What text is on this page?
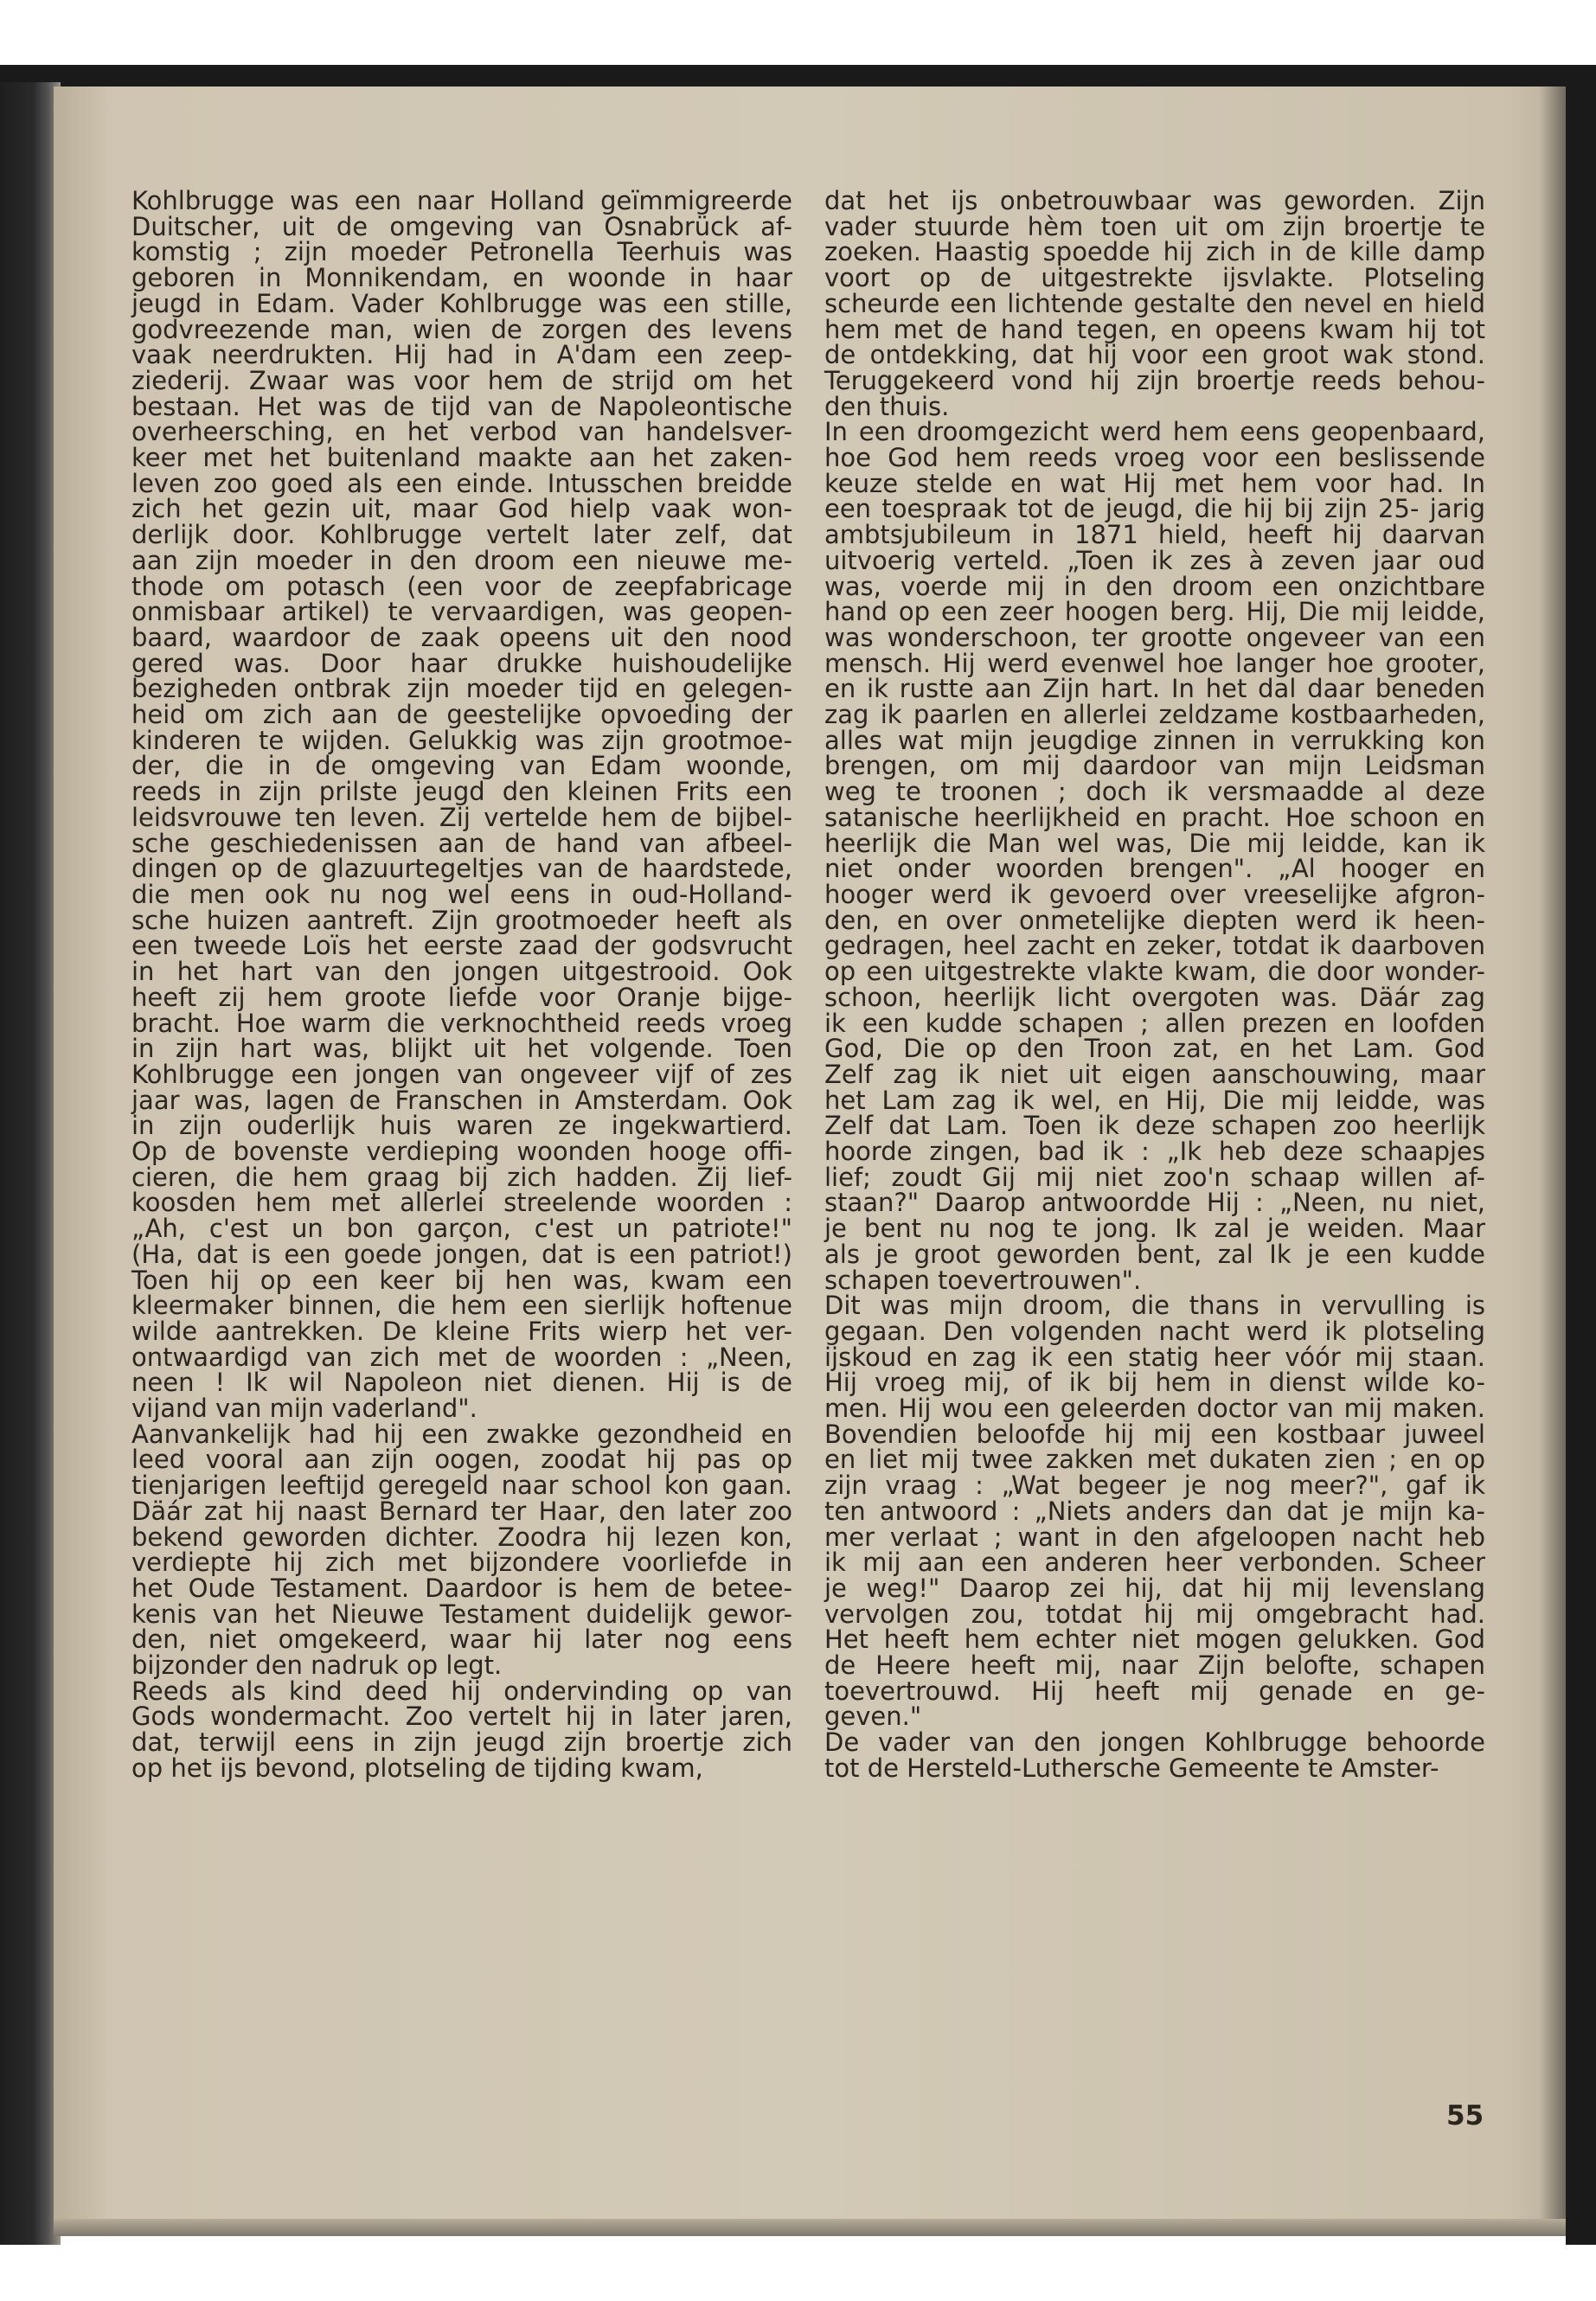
Kohlbrugge was een naar Holland geïmmigreerde
Duitscher, uit de omgeving van Osnabrück af-
komstig ; zijn moeder Petronella Teerhuis was
geboren in Monnikendam, en woonde in haar
jeugd in Edam. Vader Kohlbrugge was een stille,
godvreezende man, wien de zorgen des levens
vaak neerdrukten. Hij had in A'dam een zeep-
ziederij. Zwaar was voor hem de strijd om het
bestaan. Het was de tijd van de Napoleontische
overheersching, en het verbod van handelsver-
keer met het buitenland maakte aan het zaken-
leven zoo goed als een einde. Intusschen breidde
zich het gezin uit, maar God hielp vaak won-
derlijk door. Kohlbrugge vertelt later zelf, dat
aan zijn moeder in den droom een nieuwe me-
thode om potasch (een voor de zeepfabricage
onmisbaar artikel) te vervaardigen, was geopen-
baard, waardoor de zaak opeens uit den nood
gered was. Door haar drukke huishoudelijke
bezigheden ontbrak zijn moeder tijd en gelegen-
heid om zich aan de geestelijke opvoeding der
kinderen te wijden. Gelukkig was zijn grootmoe-
der, die in de omgeving van Edam woonde,
reeds in zijn prilste jeugd den kleinen Frits een
leidsvrouwe ten leven. Zij vertelde hem de bijbel-
sche geschiedenissen aan de hand van afbeel-
dingen op de glazuurtegeltjes van de haardstede,
die men ook nu nog wel eens in oud-Holland-
sche huizen aantreft. Zijn grootmoeder heeft als
een tweede Loïs het eerste zaad der godsvrucht
in het hart van den jongen uitgestrooid. Ook
heeft zij hem groote liefde voor Oranje bijge-
bracht. Hoe warm die verknochtheid reeds vroeg
in zijn hart was, blijkt uit het volgende. Toen
Kohlbrugge een jongen van ongeveer vijf of zes
jaar was, lagen de Franschen in Amsterdam. Ook
in zijn ouderlijk huis waren ze ingekwartierd.
Op de bovenste verdieping woonden hooge offi-
cieren, die hem graag bij zich hadden. Zij lief-
koosden hem met allerlei streelende woorden :
„Ah, c'est un bon garçon, c'est un patriote!"
(Ha, dat is een goede jongen, dat is een patriot!)
Toen hij op een keer bij hen was, kwam een
kleermaker binnen, die hem een sierlijk hoftenue
wilde aantrekken. De kleine Frits wierp het ver-
ontwaardigd van zich met de woorden : „Neen,
neen ! Ik wil Napoleon niet dienen. Hij is de
vijand van mijn vaderland".
Aanvankelijk had hij een zwakke gezondheid en
leed vooral aan zijn oogen, zoodat hij pas op
tienjarigen leeftijd geregeld naar school kon gaan.
Däár zat hij naast Bernard ter Haar, den later zoo
bekend geworden dichter. Zoodra hij lezen kon,
verdiepte hij zich met bijzondere voorliefde in
het Oude Testament. Daardoor is hem de beteе-
kenis van het Nieuwe Testament duidelijk gewor-
den, niet omgekeerd, waar hij later nog eens
bijzonder den nadruk op legt.
Reeds als kind deed hij ondervinding op van
Gods wondermacht. Zoo vertelt hij in later jaren,
dat, terwijl eens in zijn jeugd zijn broertje zich
op het ijs bevond, plotseling de tijding kwam,
dat het ijs onbetrouwbaar was geworden. Zijn
vader stuurde hèm toen uit om zijn broertje te
zoeken. Haastig spoedde hij zich in de kille damp
voort op de uitgestrekte ijsvlakte. Plotseling
scheurde een lichtende gestalte den nevel en hield
hem met de hand tegen, en opeens kwam hij tot
de ontdekking, dat hij voor een groot wak stond.
Teruggekeerd vond hij zijn broertje reeds behou-
den thuis.
In een droomgezicht werd hem eens geopenbaard,
hoe God hem reeds vroeg voor een beslissende
keuze stelde en wat Hij met hem voor had. In
een toespraak tot de jeugd, die hij bij zijn 25- jarig
ambtsjubileum in 1871 hield, heeft hij daarvan
uitvoerig verteld. „Toen ik zes à zeven jaar oud
was, voerde mij in den droom een onzichtbare
hand op een zeer hoogen berg. Hij, Die mij leidde,
was wonderschoon, ter grootte ongeveer van een
mensch. Hij werd evenwel hoe langer hoe grooter,
en ik rustte aan Zijn hart. In het dal daar beneden
zag ik paarlen en allerlei zeldzame kostbaarheden,
alles wat mijn jeugdige zinnen in verrukking kon
brengen, om mij daardoor van mijn Leidsman
weg te troonen ; doch ik versmaadde al deze
satanische heerlijkheid en pracht. Hoe schoon en
heerlijk die Man wel was, Die mij leidde, kan ik
niet onder woorden brengen". „Al hooger en
hooger werd ik gevoerd over vreeselijke afgron-
den, en over onmetelijke diepten werd ik heen-
gedragen, heel zacht en zeker, totdat ik daarboven
op een uitgestrekte vlakte kwam, die door wonder-
schoon, heerlijk licht overgoten was. Däár zag
ik een kudde schapen ; allen prezen en loofden
God, Die op den Troon zat, en het Lam. God
Zelf zag ik niet uit eigen aanschouwing, maar
het Lam zag ik wel, en Hij, Die mij leidde, was
Zelf dat Lam. Toen ik deze schapen zoo heerlijk
hoorde zingen, bad ik : „Ik heb deze schaapjes
lief; zoudt Gij mij niet zoo'n schaap willen af-
staan?" Daarop antwoordde Hij : „Neen, nu niet,
je bent nu nog te jong. Ik zal je weiden. Maar
als je groot geworden bent, zal Ik je een kudde
schapen toevertrouwen".
Dit was mijn droom, die thans in vervulling is
gegaan. Den volgenden nacht werd ik plotseling
ijskoud en zag ik een statig heer vóór mij staan.
Hij vroeg mij, of ik bij hem in dienst wilde ko-
men. Hij wou een geleerden doctor van mij maken.
Bovendien beloofde hij mij een kostbaar juweel
en liet mij twee zakken met dukaten zien ; en op
zijn vraag : „Wat begeer je nog meer?", gaf ik
ten antwoord : „Niets anders dan dat je mijn ka-
mer verlaat ; want in den afgeloopen nacht heb
ik mij aan een anderen heer verbonden. Scheer
je weg!" Daarop zei hij, dat hij mij levenslang
vervolgen zou, totdat hij mij omgebracht had.
Het heeft hem echter niet mogen gelukken. God
de Heere heeft mij, naar Zijn belofte, schapen
toevertrouwd. Hij heeft mij genade en ge-
geven."
De vader van den jongen Kohlbrugge behoorde
tot de Hersteld-Luthersche Gemeente te Amster-
55
